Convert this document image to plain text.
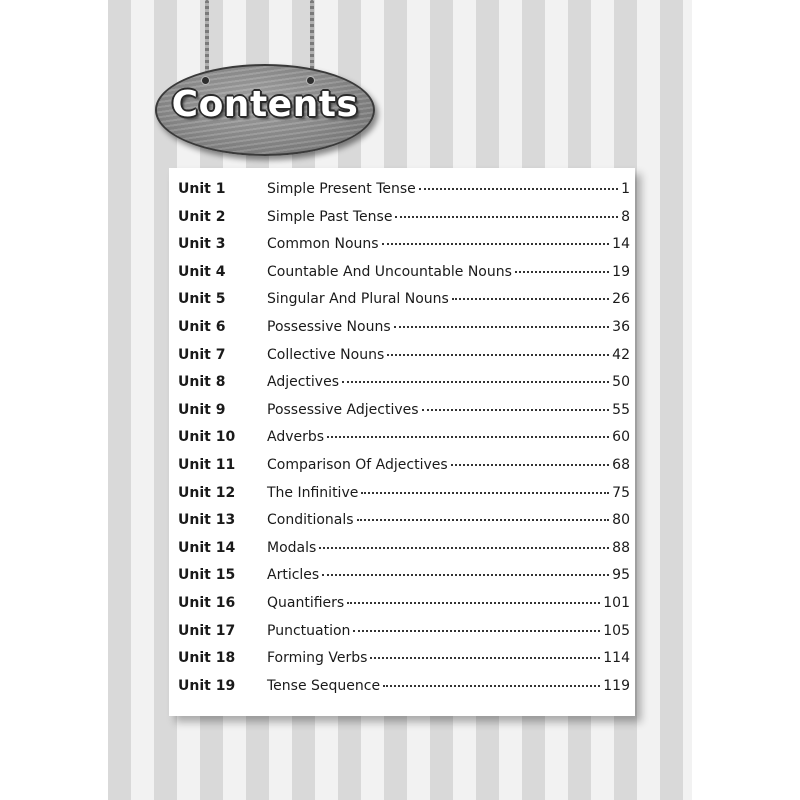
Contents
Unit 1	Simple Present Tense	1
Unit 2	Simple Past Tense	8
Unit 3	Common Nouns	14
Unit 4	Countable And Uncountable Nouns	19
Unit 5	Singular And Plural Nouns	26
Unit 6	Possessive Nouns	36
Unit 7	Collective Nouns	42
Unit 8	Adjectives	50
Unit 9	Possessive Adjectives	55
Unit 10	Adverbs	60
Unit 11	Comparison Of Adjectives	68
Unit 12	The Infinitive	75
Unit 13	Conditionals	80
Unit 14	Modals	88
Unit 15	Articles	95
Unit 16	Quantifiers	101
Unit 17	Punctuation	105
Unit 18	Forming Verbs	114
Unit 19	Tense Sequence	119
